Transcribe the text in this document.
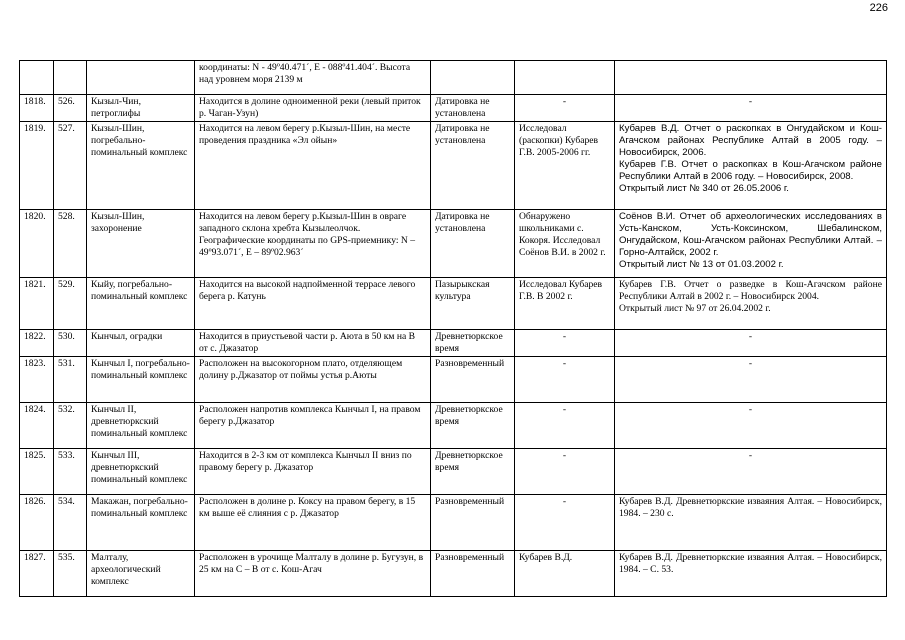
226
			координаты: N - 49º40.471´, E - 088º41.404´. Высота над уровнем моря 2139 м			
1818.	526.	Кызыл-Чин, петроглифы	Находится в долине одноименной реки (левый приток р. Чаган-Узун)	Датировка не установлена	-	-

1819.	527.	Кызыл-Шин, погребально-поминальный комплекс	Находится на левом берегу р.Кызыл-Шин, на месте проведения праздника «Эл ойын»	Датировка не установлена	Исследовал (раскопки) Кубарев Г.В. 2005-2006 гг.	Кубарев В.Д. Отчет о раскопках в Онгудайском и Кош-Агачском районах Республике Алтай в 2005 году. – Новосибирск, 2006.
Кубарев Г.В. Отчет о раскопках в Кош-Агачском районе Республики Алтай в 2006 году. – Новосибирск, 2008.
Открытый лист № 340 от 26.05.2006 г.

1820.	528.	Кызыл-Шин, захоронение	Находится на левом берегу р.Кызыл-Шин в овраге западного склона хребта Кызылеолчок. Географические координаты по GPS-приемнику: N – 49º93.071´, E – 89º02.963´	Датировка не установлена	Обнаружено школьниками с. Кокоря. Исследовал Соёнов В.И. в 2002 г.	Соёнов В.И. Отчет об археологических исследованиях в Усть-Канском, Усть-Коксинском, Шебалинском, Онгудайском, Кош-Агачском районах Республики Алтай. – Горно-Алтайск, 2002 г.
Открытый лист № 13 от 01.03.2002 г.

1821.	529.	Кыйу, погребально-поминальный комплекс	Находится на высокой надпойменной террасе левого берега р. Катунь	Пазырыкская культура	Исследовал Кубарев Г.В. В 2002 г.	Кубарев Г.В. Отчет о разведке в Кош-Агачском районе Республики Алтай в 2002 г. – Новосибирск 2004.
Открытый лист № 97 от 26.04.2002 г.

1822.	530.	Кынчыл, оградки	Находится в приустьевой части р. Аюта в 50 км на В от с. Джазатор	Древнетюркское время	-	-

1823.	531.	Кынчыл I, погребально-поминальный комплекс	Расположен на высокогорном плато, отделяющем долину р.Джазатор от поймы устья р.Аюты	Разновременный	-	-

1824.	532.	Кынчыл II, древнетюркский поминальный комплекс	Расположен напротив комплекса Кынчыл I, на правом берегу р.Джазатор	Древнетюркское время	-	-

1825.	533.	Кынчыл III, древнетюркский поминальный комплекс	Находится в 2-3 км от комплекса Кынчыл II вниз по правому берегу р. Джазатор	Древнетюркское время	-	-

1826.	534.	Макажан, погребально-поминальный комплекс	Расположен в долине р. Коксу на правом берегу, в 15 км выше её слияния с р. Джазатор	Разновременный	-	Кубарев В.Д. Древнетюркские изваяния Алтая. – Новосибирск, 1984. – 230 с.

1827.	535.	Малталу, археологический комплекс	Расположен в урочище Малталу в долине р. Бугузун, в 25 км на С – В от с. Кош-Агач	Разновременный	Кубарев В.Д.	Кубарев В.Д. Древнетюркские изваяния Алтая. – Новосибирск, 1984. – С. 53.
